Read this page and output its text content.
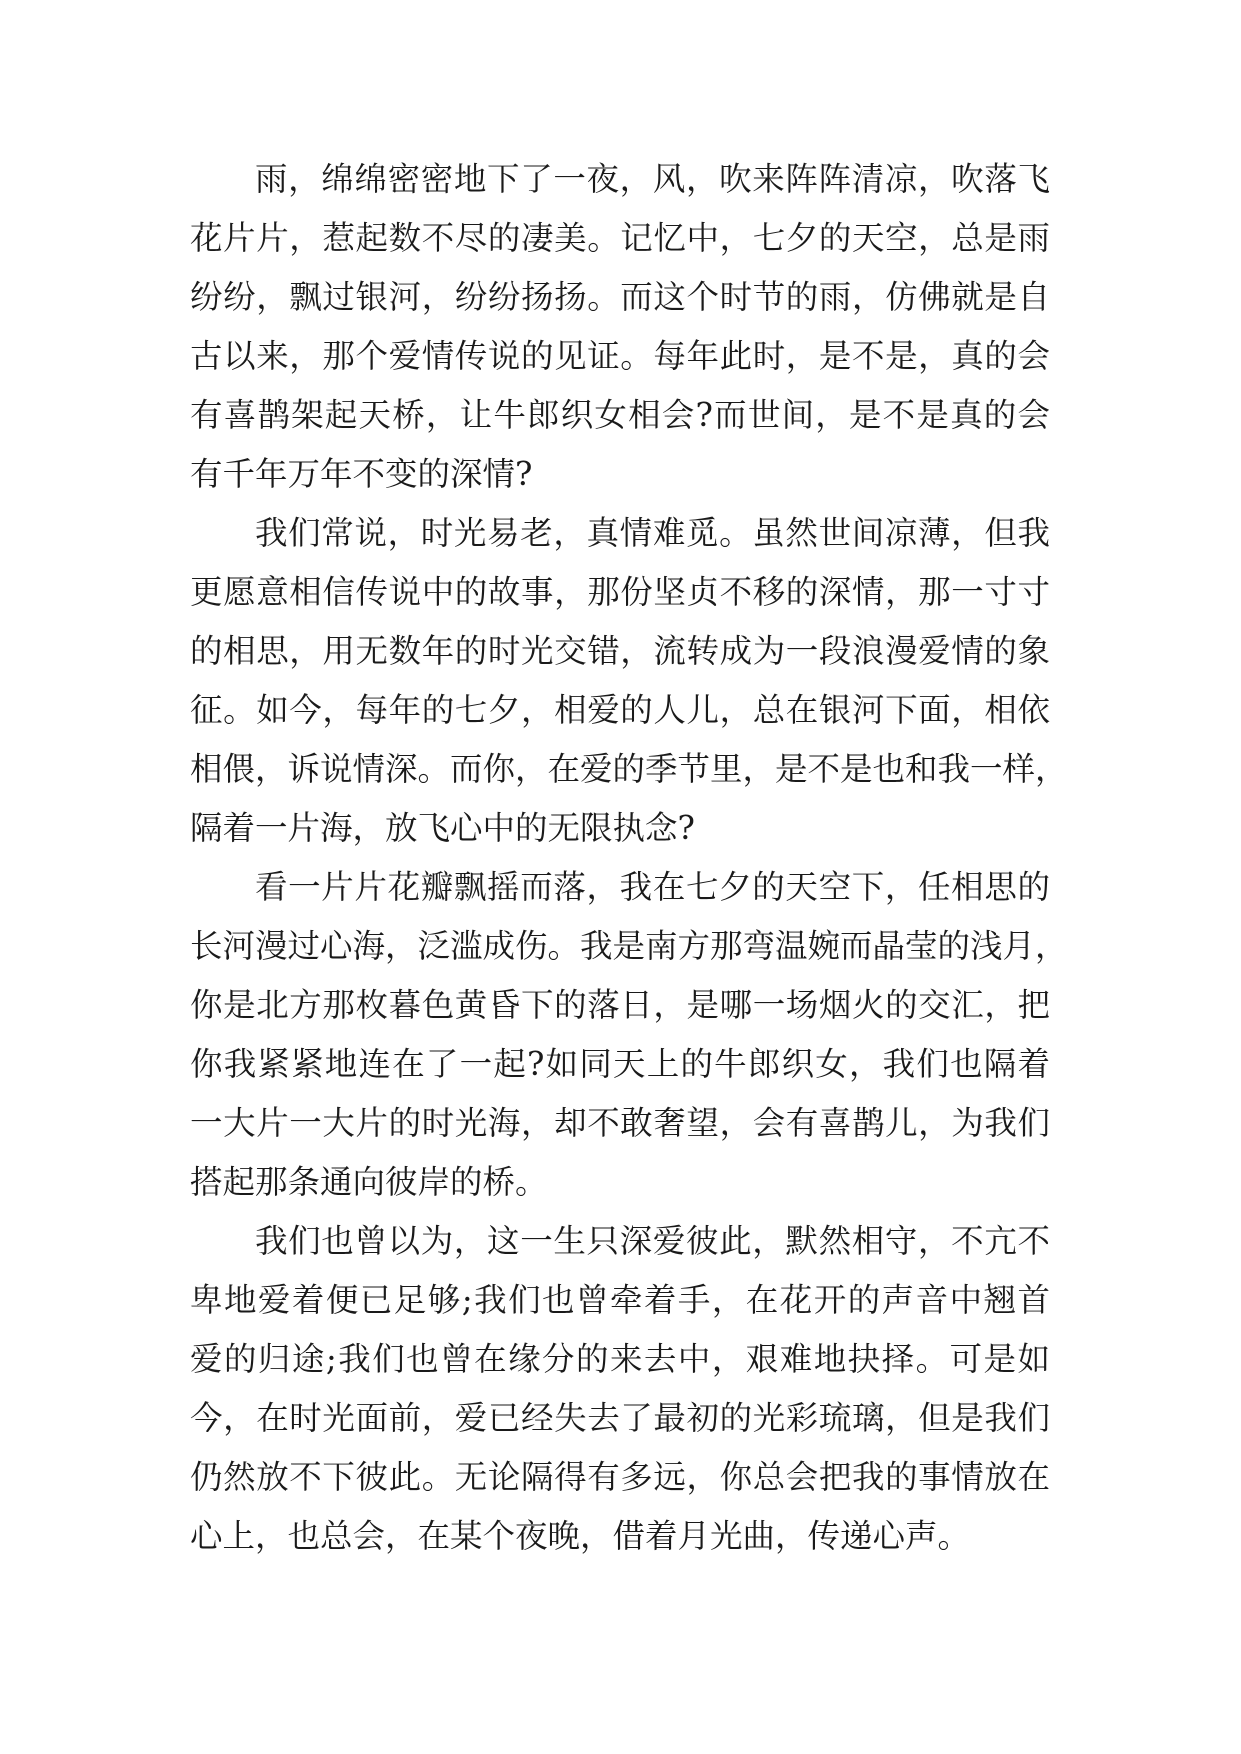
雨，绵绵密密地下了一夜，风，吹来阵阵清凉，吹落飞
花片片，惹起数不尽的凄美。记忆中，七夕的天空，总是雨
纷纷，飘过银河，纷纷扬扬。而这个时节的雨，仿佛就是自
古以来，那个爱情传说的见证。每年此时，是不是，真的会
有喜鹊架起天桥，让牛郎织女相会?而世间，是不是真的会
有千年万年不变的深情?
我们常说，时光易老，真情难觅。虽然世间凉薄，但我
更愿意相信传说中的故事，那份坚贞不移的深情，那一寸寸
的相思，用无数年的时光交错，流转成为一段浪漫爱情的象
征。如今，每年的七夕，相爱的人儿，总在银河下面，相依
相偎，诉说情深。而你，在爱的季节里，是不是也和我一样，
隔着一片海，放飞心中的无限执念?
看一片片花瓣飘摇而落，我在七夕的天空下，任相思的
长河漫过心海，泛滥成伤。我是南方那弯温婉而晶莹的浅月，
你是北方那枚暮色黄昏下的落日，是哪一场烟火的交汇，把
你我紧紧地连在了一起?如同天上的牛郎织女，我们也隔着
一大片一大片的时光海，却不敢奢望，会有喜鹊儿，为我们
搭起那条通向彼岸的桥。
我们也曾以为，这一生只深爱彼此，默然相守，不亢不
卑地爱着便已足够;我们也曾牵着手，在花开的声音中翘首
爱的归途;我们也曾在缘分的来去中，艰难地抉择。可是如
今，在时光面前，爱已经失去了最初的光彩琉璃，但是我们
仍然放不下彼此。无论隔得有多远，你总会把我的事情放在
心上，也总会，在某个夜晚，借着月光曲，传递心声。
